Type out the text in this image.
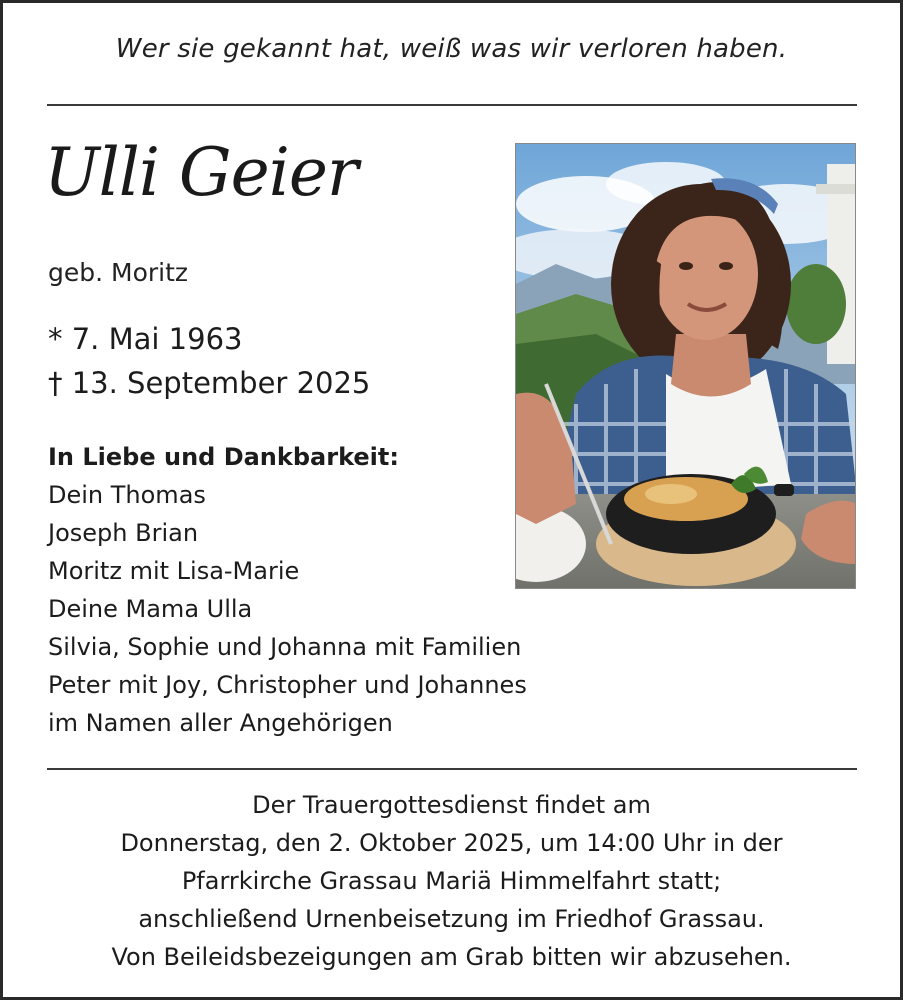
Wer sie gekannt hat, weiß was wir verloren haben.
Ulli Geier
geb. Moritz
* 7. Mai 1963
† 13. September 2025
In Liebe und Dankbarkeit:
Dein Thomas
Joseph Brian
Moritz mit Lisa-Marie
Deine Mama Ulla
Silvia, Sophie und Johanna mit Familien
Peter mit Joy, Christopher und Johannes
im Namen aller Angehörigen
Der Trauergottesdienst findet am
Donnerstag, den 2. Oktober 2025, um 14:00 Uhr in der
Pfarrkirche Grassau Mariä Himmelfahrt statt;
anschließend Urnenbeisetzung im Friedhof Grassau.
Von Beileidsbezeigungen am Grab bitten wir abzusehen.
